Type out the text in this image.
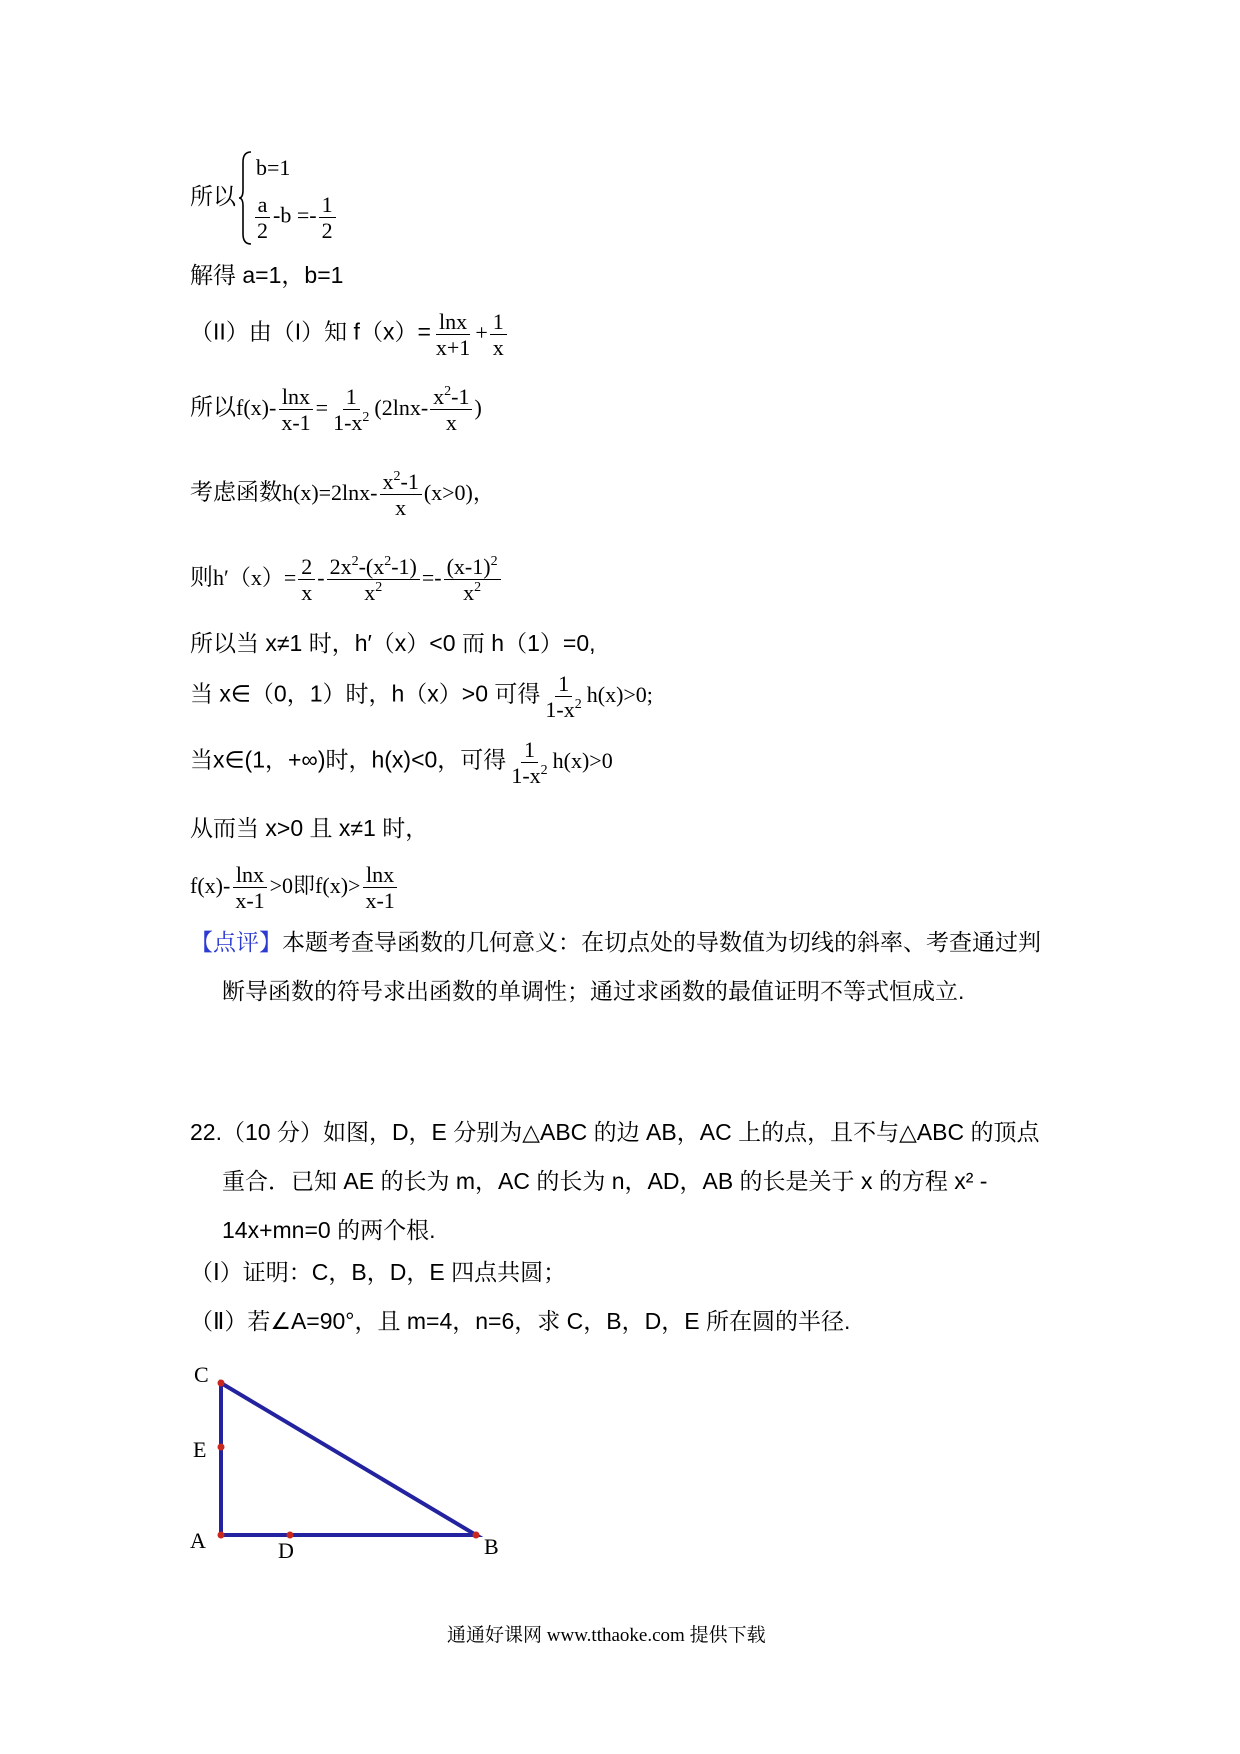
所以
b=1
$\frac{a}{2} -b =- \frac{1}{2}$
解得 a=1，b=1
（II）由（I）知 $f(x)= \frac{\ln x}{x+1} + \frac{1}{x}$
所以$f(x)- \frac{\ln x}{x-1} = \frac{1}{1-x^2} (2\ln x- \frac{x^2-1}{x}$ )
考虑函数$h(x)=2\ln x- \frac{x^2-1}{x} (x>0)$，
则$h'(x)= \frac{2}{x} - \frac{2x^2-(x^2-1)}{x^2} =- \frac{(x-1)^2}{x^2}$
所以当 x≠1 时，h′（x）<0 而 h（1）=0,
当 x∈（0，1）时，h（x）>0 可得 $\frac{1}{1-x^2} h(x)>0$;
当x∈(1，+∞)时，h(x)<0，可得 $\frac{1}{1-x^2} h(x)>0$
从而当 x>0 且 x≠1 时，
$f(x)- \frac{\ln x}{x-1} >0$即$f(x)> \frac{\ln x}{x-1}$
【点评】本题考查导函数的几何意义：在切点处的导数值为切线的斜率、考查通过判断导函数的符号求出函数的单调性；通过求函数的最值证明不等式恒成立.
22.（10 分）如图，D，E 分别为△ABC 的边 AB，AC 上的点，且不与△ABC 的顶点重合．已知 AE 的长为 m，AC 的长为 n，AD，AB 的长是关于 x 的方程 x² - 14x+mn=0 的两个根.
（Ⅰ）证明：C，B，D，E 四点共圆；
（Ⅱ）若∠A=90°，且 m=4，n=6，求 C，B，D，E 所在圆的半径.
C
E
A	D	B
通通好课网 www.tthaoke.com 提供下载
